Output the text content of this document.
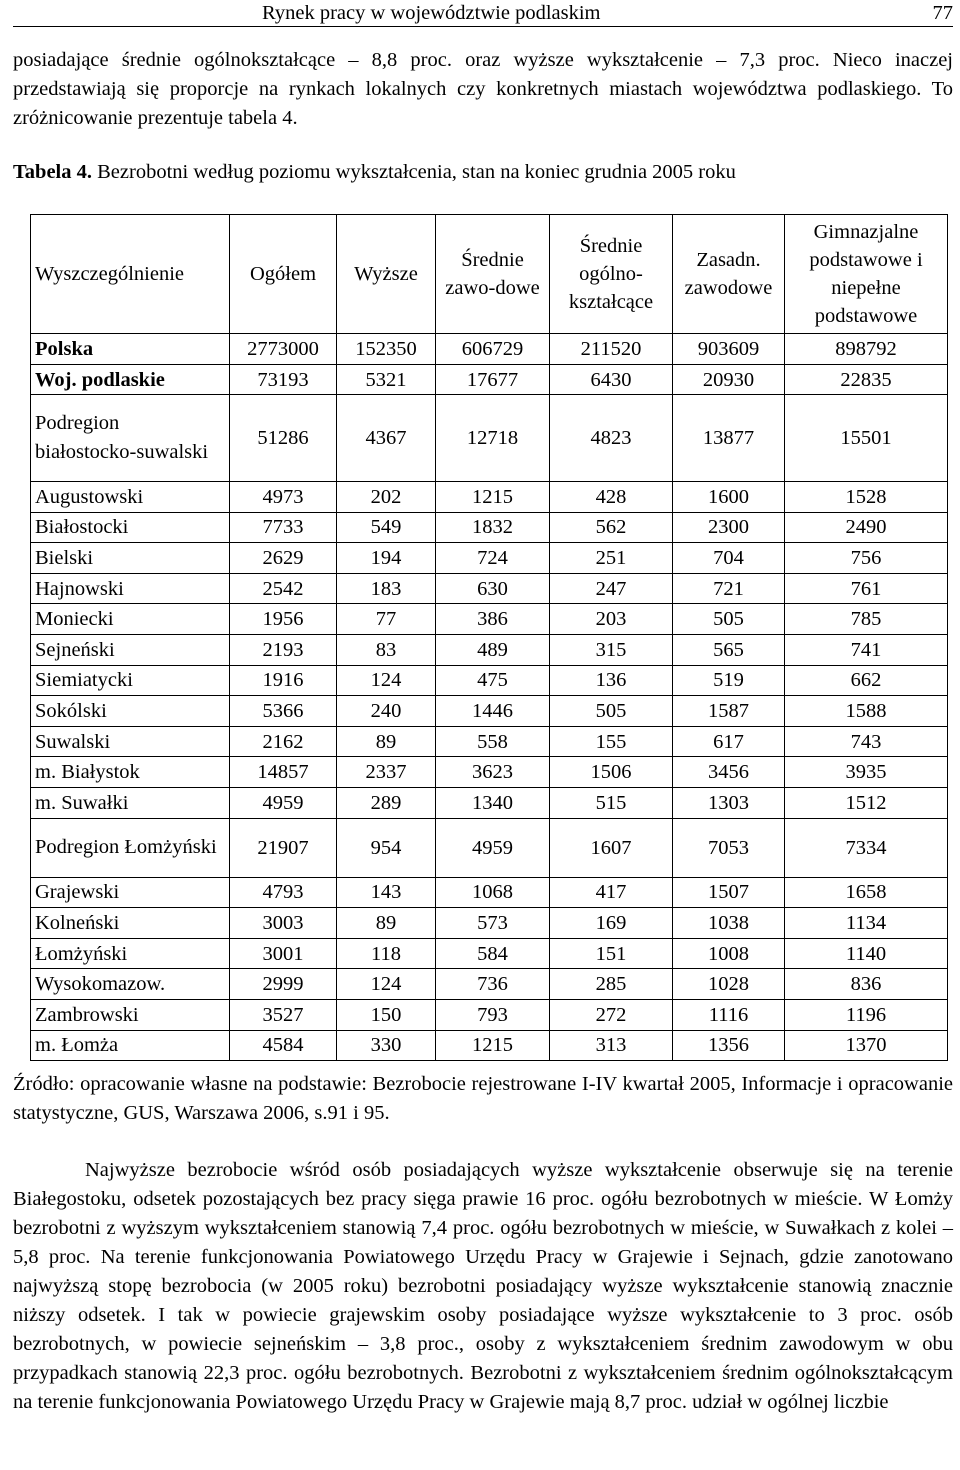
Rynek pracy w województwie podlaskim	77

posiadające średnie ogólnokształcące – 8,8 proc. oraz wyższe wykształcenie – 7,3 proc. Nieco inaczej przedstawiają się proporcje na rynkach lokalnych czy konkretnych miastach województwa podlaskiego. To zróżnicowanie prezentuje tabela 4.

Tabela 4. Bezrobotni według poziomu wykształcenia, stan na koniec grudnia 2005 roku
Wyszczególnienie	Ogółem	Wyższe	Średnie zawo-dowe	Średnie ogólno-kształcące	Zasadn. zawodowe	Gimnazjalne podstawowe i niepełne podstawowe
Polska	2773000	152350	606729	211520	903609	898792
Woj. podlaskie	73193	5321	17677	6430	20930	22835
Podregion białostocko-suwalski	51286	4367	12718	4823	13877	15501
Augustowski	4973	202	1215	428	1600	1528
Białostocki	7733	549	1832	562	2300	2490
Bielski	2629	194	724	251	704	756
Hajnowski	2542	183	630	247	721	761
Moniecki	1956	77	386	203	505	785
Sejneński	2193	83	489	315	565	741
Siemiatycki	1916	124	475	136	519	662
Sokólski	5366	240	1446	505	1587	1588
Suwalski	2162	89	558	155	617	743
m. Białystok	14857	2337	3623	1506	3456	3935
m. Suwałki	4959	289	1340	515	1303	1512
Podregion Łomżyński	21907	954	4959	1607	7053	7334
Grajewski	4793	143	1068	417	1507	1658
Kolneński	3003	89	573	169	1038	1134
Łomżyński	3001	118	584	151	1008	1140
Wysokomazow.	2999	124	736	285	1028	836
Zambrowski	3527	150	793	272	1116	1196
m. Łomża	4584	330	1215	313	1356	1370
Źródło: opracowanie własne na podstawie: Bezrobocie rejestrowane I-IV kwartał 2005, Informacje i opracowanie statystyczne, GUS, Warszawa 2006, s.91 i 95.

Najwyższe bezrobocie wśród osób posiadających wyższe wykształcenie obserwuje się na terenie Białegostoku, odsetek pozostających bez pracy sięga prawie 16 proc. ogółu bezrobotnych w mieście. W Łomży bezrobotni z wyższym wykształceniem stanowią 7,4 proc. ogółu bezrobotnych w mieście, w Suwałkach z kolei – 5,8 proc. Na terenie funkcjonowania Powiatowego Urzędu Pracy w Grajewie i Sejnach, gdzie zanotowano najwyższą stopę bezrobocia (w 2005 roku) bezrobotni posiadający wyższe wykształcenie stanowią znacznie niższy odsetek. I tak w powiecie grajewskim osoby posiadające wyższe wykształcenie to 3 proc. osób bezrobotnych, w powiecie sejneńskim – 3,8 proc., osoby z wykształceniem średnim zawodowym w obu przypadkach stanowią 22,3 proc. ogółu bezrobotnych. Bezrobotni z wykształceniem średnim ogólnokształcącym na terenie funkcjonowania Powiatowego Urzędu Pracy w Grajewie mają 8,7 proc. udział w ogólnej liczbie
